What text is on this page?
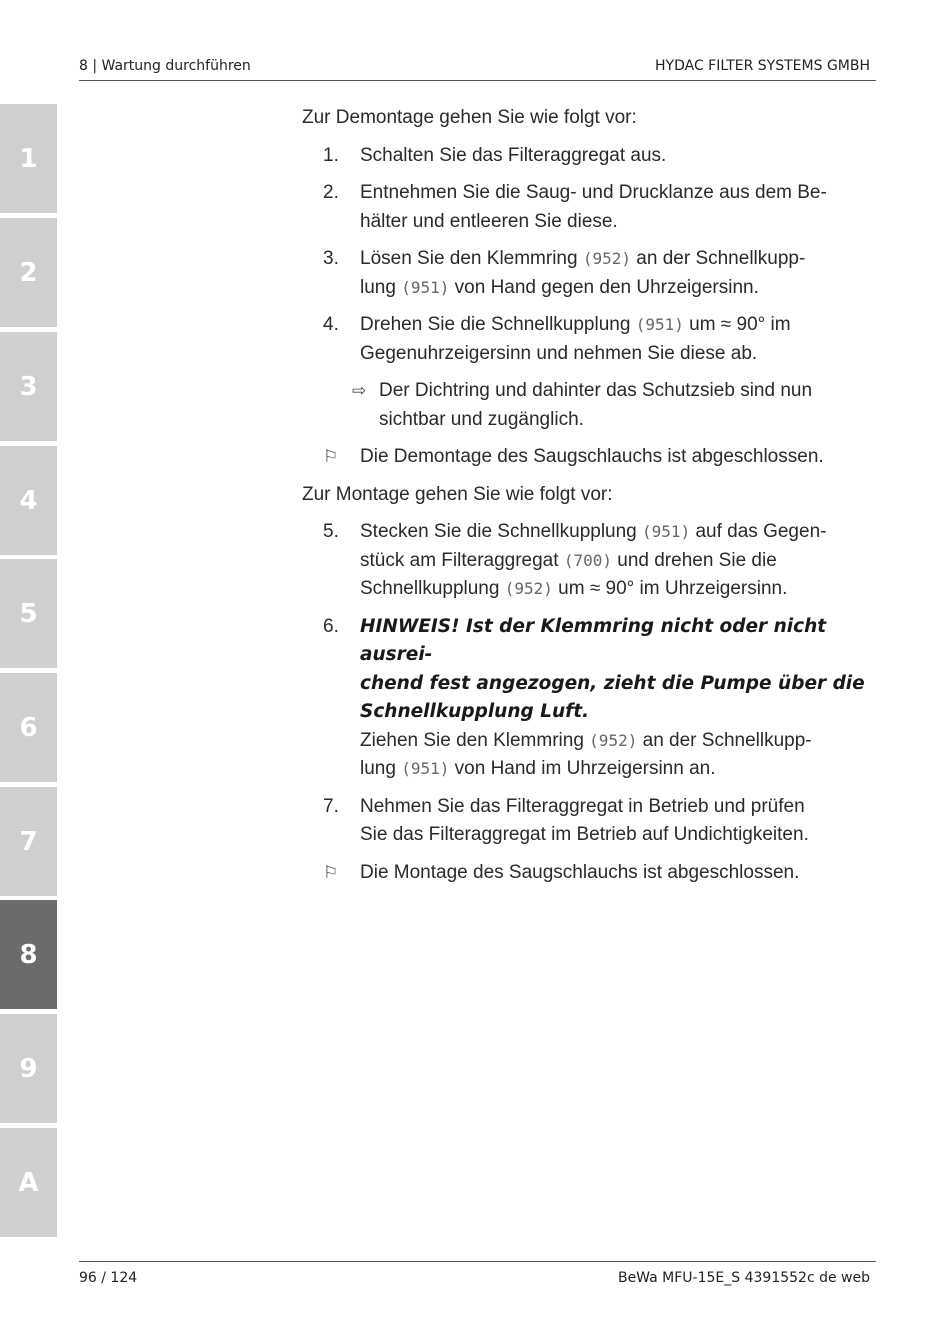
8 | Wartung durchführen	HYDAC FILTER SYSTEMS GMBH
1
2
3
4
5
6
7
8
9
A

Zur Demontage gehen Sie wie folgt vor:

1. Schalten Sie das Filteraggregat aus.
2. Entnehmen Sie die Saug- und Drucklanze aus dem Be-
hälter und entleeren Sie diese.
3. Lösen Sie den Klemmring (952) an der Schnellkupp-
lung (951) von Hand gegen den Uhrzeigersinn.
4. Drehen Sie die Schnellkupplung (951) um ≈ 90° im
Gegenuhrzeigersinn und nehmen Sie diese ab.
⇨ Der Dichtring und dahinter das Schutzsieb sind nun
sichtbar und zugänglich.
⚐ Die Demontage des Saugschlauchs ist abgeschlossen.

Zur Montage gehen Sie wie folgt vor:

5. Stecken Sie die Schnellkupplung (951) auf das Gegen-
stück am Filteraggregat (700) und drehen Sie die
Schnellkupplung (952) um ≈ 90° im Uhrzeigersinn.
6. HINWEIS! Ist der Klemmring nicht oder nicht ausrei-
chend fest angezogen, zieht die Pumpe über die
Schnellkupplung Luft.
Ziehen Sie den Klemmring (952) an der Schnellkupp-
lung (951) von Hand im Uhrzeigersinn an.
7. Nehmen Sie das Filteraggregat in Betrieb und prüfen
Sie das Filteraggregat im Betrieb auf Undichtigkeiten.
⚐ Die Montage des Saugschlauchs ist abgeschlossen.
96 / 124	BeWa MFU-15E_S 4391552c de web
